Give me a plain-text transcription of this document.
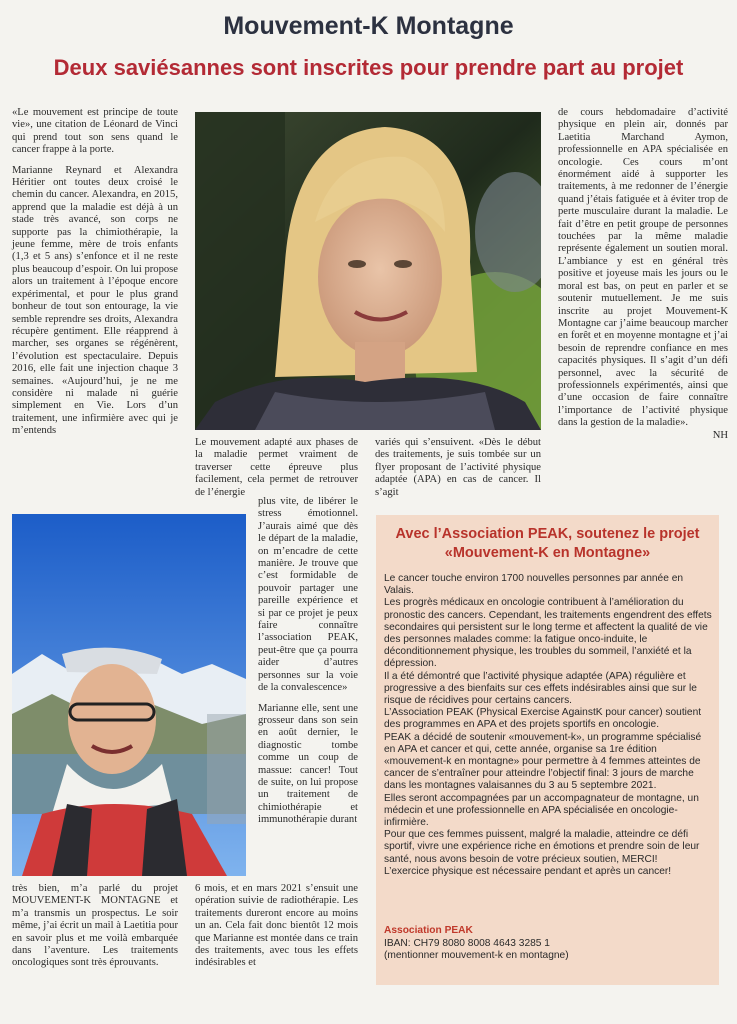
Mouvement-K Montagne
Deux saviésannes sont inscrites pour prendre part au projet

«Le mouvement est principe de toute vie», une citation de Léonard de Vinci qui prend tout son sens quand le cancer frappe à la porte.

Marianne Reynard et Alexandra Héritier ont toutes deux croisé le chemin du cancer. Alexandra, en 2015, apprend que la maladie est déjà à un stade très avancé, son corps ne supporte pas la chimiothérapie, la jeune femme, mère de trois enfants (1,3 et 5 ans) s’enfonce et il ne reste plus beaucoup d’espoir. On lui propose alors un traitement à l’époque encore expérimental, et pour le plus grand bonheur de tout son entourage, la vie semble reprendre ses droits, Alexandra récupère gentiment. Elle réapprend à marcher, ses organes se régénèrent, l’évolution est spectaculaire. Depuis 2016, elle fait une injection chaque 3 semaines. «Aujourd’hui, je ne me considère ni malade ni guérie simplement en Vie. Lors d’un traitement, une infirmière avec qui je m’entends

de cours hebdomadaire d’activité physique en plein air, donnés par Laetitia Marchand Aymon, professionnelle en APA spécialisée en oncologie. Ces cours m’ont énormément aidé à supporter les traitements, à me redonner de l’énergie quand j’étais fatiguée et à éviter trop de perte musculaire durant la maladie. Le fait d’être en petit groupe de personnes touchées par la même maladie représente également un soutien moral. L’ambiance y est en général très positive et joyeuse mais les jours ou le moral est bas, on peut en parler et se soutenir mutuellement. Je me suis inscrite au projet Mouvement-K Montagne car j’aime beaucoup marcher en forêt et en moyenne montagne et j’ai besoin de reprendre confiance en mes capacités physiques. Il s’agit d’un défi personnel, avec la sécurité de professionnels expérimentés, ainsi que d’une occasion de faire connaître l’importance de l’activité physique dans la gestion de la maladie».

NH

Le mouvement adapté aux phases de la maladie permet vraiment de traverser cette épreuve plus facilement, cela permet de retrouver de l’énergie

variés qui s’ensuivent. «Dès le début des traitements, je suis tombée sur un flyer proposant de l’activité physique adaptée (APA) en cas de cancer. Il s’agit

plus vite, de libérer le stress émotionnel. J’aurais aimé que dès le départ de la maladie, on m’encadre de cette manière. Je trouve que c’est formidable de pouvoir partager une pareille expérience et si par ce projet je peux faire connaître l’association PEAK, peut-être que ça pourra aider d’autres personnes sur la voie de la convalescence»

Marianne elle, sent une grosseur dans son sein en août dernier, le diagnostic tombe comme un coup de massue: cancer! Tout de suite, on lui propose un traitement de chimiothérapie et immunothérapie durant

très bien, m’a parlé du projet MOUVEMENT-K MONTAGNE et m’a transmis un prospectus. Le soir même, j’ai écrit un mail à Laetitia pour en savoir plus et me voilà embarquée dans l’aventure. Les traitements oncologiques sont très éprouvants.

6 mois, et en mars 2021 s’ensuit une opération suivie de radiothérapie. Les traitements dureront encore au moins un an. Cela fait donc bientôt 12 mois que Marianne est montée dans ce train des traitements, avec tous les effets indésirables et

Avec l’Association PEAK, soutenez le projet
«Mouvement-K en Montagne»

Le cancer touche environ 1700 nouvelles personnes par année en Valais.

Les progrès médicaux en oncologie contribuent à l’amélioration du pronostic des cancers. Cependant, les traitements engendrent des effets secondaires qui persistent sur le long terme et affectent la qualité de vie des personnes malades comme: la fatigue onco-induite, le déconditionnement physique, les troubles du sommeil, l’anxiété et la dépression.

Il a été démontré que l’activité physique adaptée (APA) régulière et progressive a des bienfaits sur ces effets indésirables ainsi que sur le risque de récidives pour certains cancers.

L’Association PEAK (Physical Exercise AgainstK pour cancer) soutient des programmes en APA et des projets sportifs en oncologie.

PEAK a décidé de soutenir «mouvement-k», un programme spécialisé en APA et cancer et qui, cette année, organise sa 1re édition «mouvement-k en montagne» pour permettre à 4 femmes atteintes de cancer de s’entraîner pour atteindre l’objectif final: 3 jours de marche dans les montagnes valaisannes du 3 au 5 septembre 2021.

Elles seront accompagnées par un accompagnateur de montagne, un médecin et une professionnelle en APA spécialisée en oncologie-infirmière.

Pour que ces femmes puissent, malgré la maladie, atteindre ce défi sportif, vivre une expérience riche en émotions et prendre soin de leur santé, nous avons besoin de votre précieux soutien, MERCI!

L’exercice physique est nécessaire pendant et après un cancer!

Association PEAK
IBAN: CH79 8080 8008 4643 3285 1
(mentionner mouvement-k en montagne)
